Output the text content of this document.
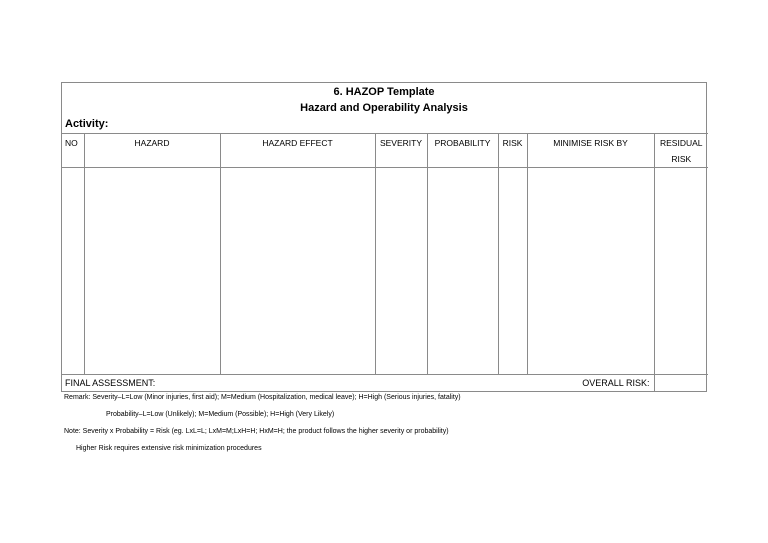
6. HAZOP Template
Hazard and Operability Analysis
Activity:
NO	HAZARD	HAZARD EFFECT	SEVERITY	PROBABILITY	RISK	MINIMISE RISK BY	RESIDUAL RISK

FINAL ASSESSMENT: OVERALL RISK:							

Remark: Severity–L=Low (Minor injuries, first aid); M=Medium (Hospitalization, medical leave); H=High (Serious injuries, fatality)
Probability–L=Low (Unlikely); M=Medium (Possible); H=High (Very Likely)
Note: Severity x Probability = Risk (eg. LxL=L; LxM=M;LxH=H; HxM=H; the product follows the higher severity or probability)
Higher Risk requires extensive risk minimization procedures
